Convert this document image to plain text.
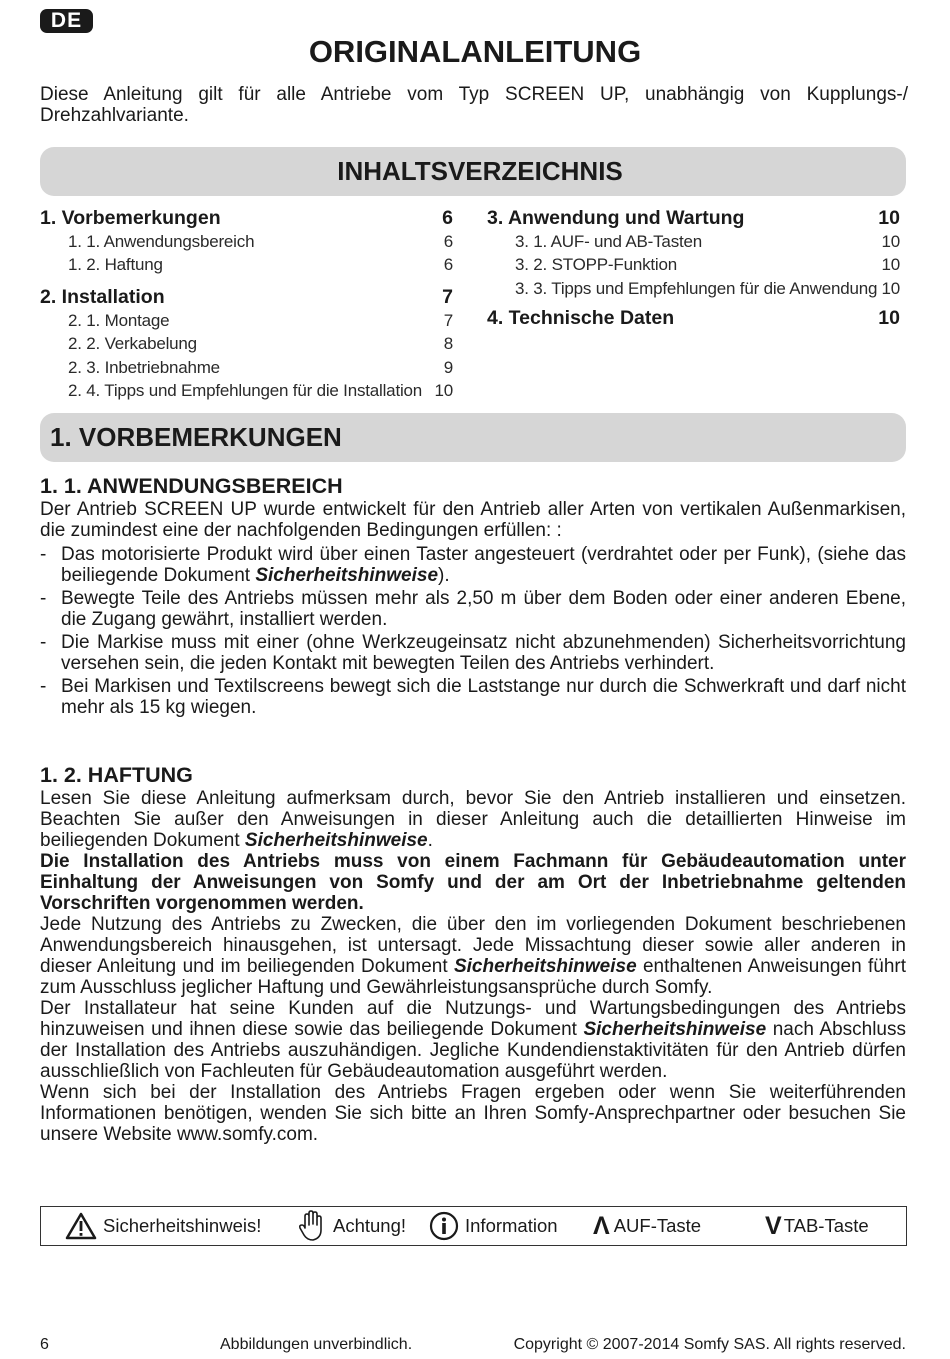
DE
ORIGINALANLEITUNG
Diese Anleitung gilt für alle Antriebe vom Typ SCREEN UP, unabhängig von Kupplungs-/ Drehzahlvariante.
INHALTSVERZEICHNIS
1. Vorbemerkungen	6
1. 1. Anwendungsbereich	6
1. 2. Haftung	6
2. Installation	7
2. 1. Montage	7
2. 2. Verkabelung	8
2. 3. Inbetriebnahme	9
2. 4. Tipps und Empfehlungen für die Installation 10
3. Anwendung und Wartung	10
3. 1. AUF- und AB-Tasten	10
3. 2. STOPP-Funktion	10
3. 3. Tipps und Empfehlungen für die Anwendung 10
4. Technische Daten	10
1. VORBEMERKUNGEN
1. 1. ANWENDUNGSBEREICH
Der Antrieb SCREEN UP wurde entwickelt für den Antrieb aller Arten von vertikalen Außenmarkisen, die zumindest eine der nachfolgenden Bedingungen erfüllen: :
- Das motorisierte Produkt wird über einen Taster angesteuert (verdrahtet oder per Funk), (siehe das beiliegende Dokument Sicherheitshinweise).
- Bewegte Teile des Antriebs müssen mehr als 2,50 m über dem Boden oder einer anderen Ebene, die Zugang gewährt, installiert werden.
- Die Markise muss mit einer (ohne Werkzeugeinsatz nicht abzunehmenden) Sicherheitsvorrichtung versehen sein, die jeden Kontakt mit bewegten Teilen des Antriebs verhindert.
- Bei Markisen und Textilscreens bewegt sich die Laststange nur durch die Schwerkraft und darf nicht mehr als 15 kg wiegen.
1. 2. HAFTUNG

Lesen Sie diese Anleitung aufmerksam durch, bevor Sie den Antrieb installieren und einsetzen. Beachten Sie außer den Anweisungen in dieser Anleitung auch die detaillierten Hinweise im beiliegenden Dokument Sicherheitshinweise.

Die Installation des Antriebs muss von einem Fachmann für Gebäudeautomation unter Einhaltung der Anweisungen von Somfy und der am Ort der Inbetriebnahme geltenden Vorschriften vorgenommen werden.

Jede Nutzung des Antriebs zu Zwecken, die über den im vorliegenden Dokument beschriebenen Anwendungsbereich hinausgehen, ist untersagt. Jede Missachtung dieser sowie aller anderen in dieser Anleitung und im beiliegenden Dokument Sicherheitshinweise enthaltenen Anweisungen führt zum Ausschluss jeglicher Haftung und Gewährleistungsansprüche durch Somfy.

Der Installateur hat seine Kunden auf die Nutzungs- und Wartungsbedingungen des Antriebs hinzuweisen und ihnen diese sowie das beiliegende Dokument Sicherheitshinweise nach Abschluss der Installation des Antriebs auszuhändigen. Jegliche Kundendienstaktivitäten für den Antrieb dürfen ausschließlich von Fachleuten für Gebäudeautomation ausgeführt werden.

Wenn sich bei der Installation des Antriebs Fragen ergeben oder wenn Sie weiterführenden Informationen benötigen, wenden Sie sich bitte an Ihren Somfy-Ansprechpartner oder besuchen Sie unsere Website www.somfy.com.

Sicherheitshinweis!	Achtung!	Information Λ AUF-Taste	V TAB-Taste
6	Abbildungen unverbindlich.	Copyright © 2007-2014 Somfy SAS. All rights reserved.
